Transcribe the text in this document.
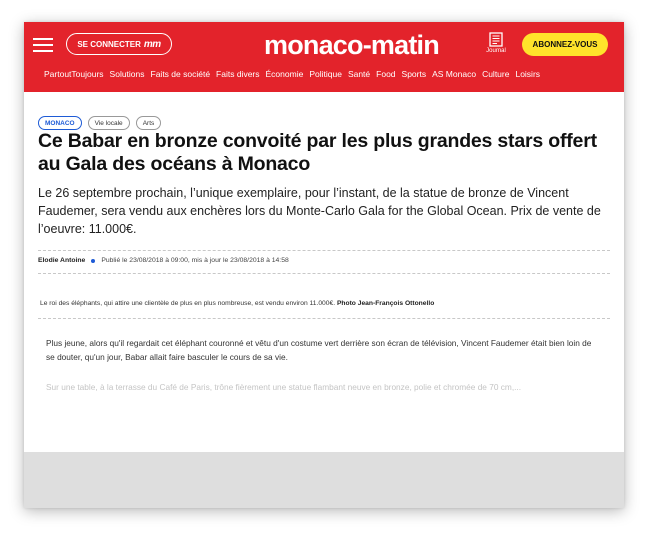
SE CONNECTER mm	monaco-matin	Journal
ABONNEZ-VOUS
PartoutToujours Solutions Faits de société Faits divers Économie Politique Santé Food Sports AS Monaco Culture Loisirs
MONACO	Vie locale	Arts
Ce Babar en bronze convoité par les plus grandes stars offert au Gala des océans à Monaco

Le 26 septembre prochain, l’unique exemplaire, pour l’instant, de la statue de bronze de Vincent Faudemer, sera vendu aux enchères lors du Monte-Carlo Gala for the Global Ocean. Prix de vente de l’oeuvre: 11.000€.

Elodie Antoine Publié le 23/08/2018 à 09:00, mis à jour le 23/08/2018 à 14:58
Le roi des éléphants, qui attire une clientèle de plus en plus nombreuse, est vendu environ 11.000€. Photo Jean-François Ottonello

Plus jeune, alors qu'il regardait cet éléphant couronné et vêtu d'un costume vert derrière son écran de télévision, Vincent Faudemer était bien loin de se douter, qu'un jour, Babar allait faire basculer le cours de sa vie.

Sur une table, à la terrasse du Café de Paris, trône fièrement une statue flambant neuve en bronze, polie et chromée de 70 cm,...
